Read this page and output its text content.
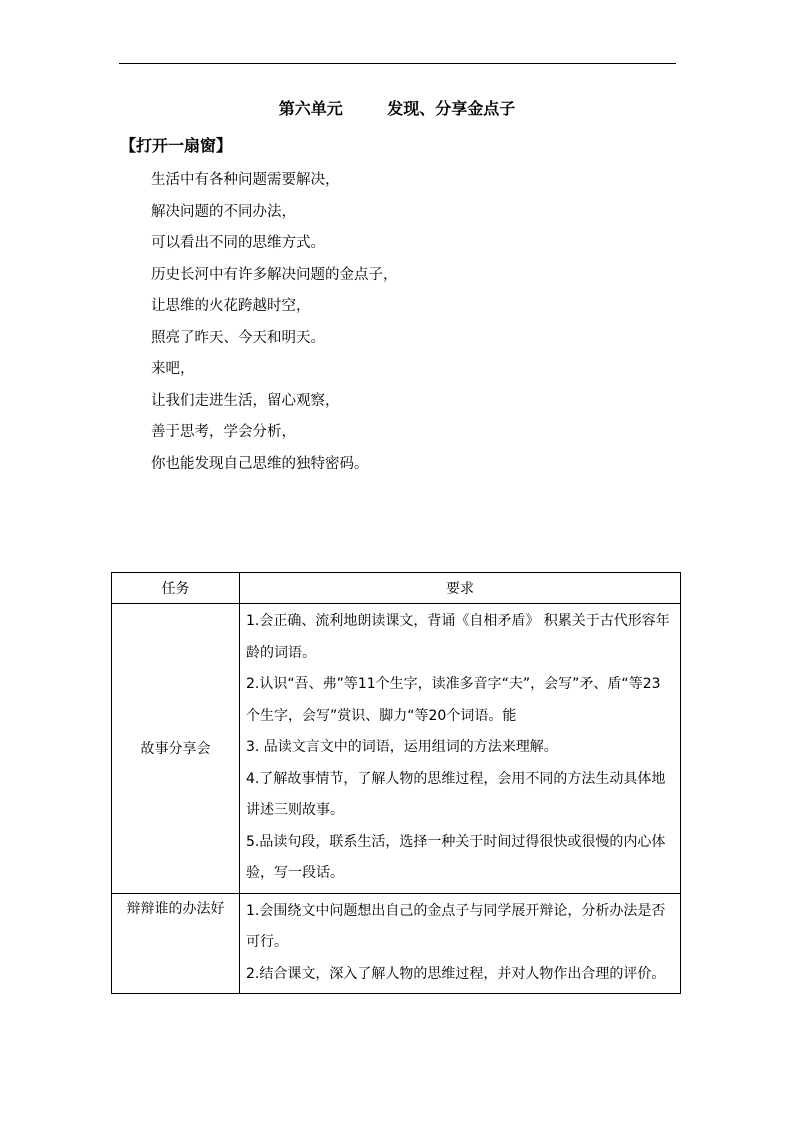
第六单元        发现、分享金点子
【打开一扇窗】
生活中有各种问题需要解决，
解决问题的不同办法，
可以看出不同的思维方式。
历史长河中有许多解决问题的金点子，
让思维的火花跨越时空，
照亮了昨天、今天和明天。
来吧，
让我们走进生活，留心观察，
善于思考，学会分析，
你也能发现自己思维的独特密码。
任务	要求
故事分享会	1.会正确、流利地朗读课文，背诵《自相矛盾》 积累关于古代形容年龄的词语。
2.认识“吾、弗”等11个生字，读准多音字“夫”，会写”矛、盾“等23个生字，会写”赏识、脚力“等20个词语。能
3. 品读文言文中的词语，运用组词的方法来理解。
4.了解故事情节，了解人物的思维过程，会用不同的方法生动具体地讲述三则故事。
5.品读句段，联系生活，选择一种关于时间过得很快或很慢的内心体验，写一段话。

辩辩谁的办法好	1.会围绕文中问题想出自己的金点子与同学展开辩论，分析办法是否可行。
2.结合课文，深入了解人物的思维过程，并对人物作出合理的评价。
